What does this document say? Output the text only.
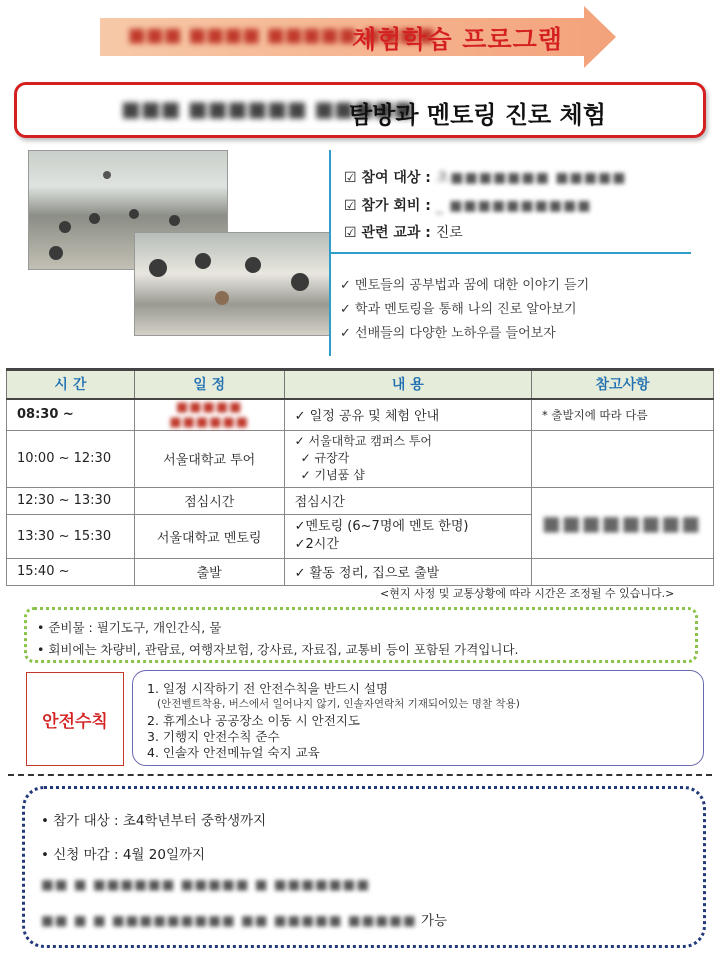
■■■ ■■■■ ■■■■■ ■■■■
체험학습 프로그램
■■■ ■■■■■■ ■■■■■
탐방과 멘토링 진로 체험
☑ 참여 대상 : 초■■■■■■■ ■■■■■
☑ 참가 회비 : _ ■■■■■■■■■■
☑ 관련 교과 : 진로
✓ 멘토들의 공부법과 꿈에 대한 이야기 듣기
✓ 학과 멘토링을 통해 나의 진로 알아보기
✓ 선배들의 다양한 노하우를 들어보자
시 간	일 정	내 용	참고사항
08:30 ~	■■■■■ ■■■■■■	✓ 일정 공유 및 체험 안내	* 출발지에 따라 다름
10:00 ~ 12:30	서울대학교 투어	✓ 서울대학교 캠퍼스 투어
✓ 규장각
✓ 기념품 샵	

12:30 ~ 13:30	점심시간	점심시간	■■■■■■■■
13:30 ~ 15:30	서울대학교 멘토링	✓멘토링 (6~7명에 멘토 한명)
✓2시간	

15:40 ~	출발	✓ 활동 정리, 집으로 출발	
<현지 사정 및 교통상황에 따라 시간은 조정될 수 있습니다.>
• 준비물 : 필기도구, 개인간식, 물
• 회비에는 차량비, 관람료, 여행자보험, 강사료, 자료집, 교통비 등이 포함된 가격입니다.
안전수칙
1. 일정 시작하기 전 안전수칙을 반드시 설명
(안전벨트착용, 버스에서 일어나지 않기, 인솔자연락처 기재되어있는 명찰 착용)
2. 휴게소나 공공장소 이동 시 안전지도
3. 기행지 안전수칙 준수
4. 인솔자 안전메뉴얼 숙지 교육
• 참가 대상 : 초4학년부터 중학생까지
• 신청 마감 : 4월 20일까지
■■ ■ ■■■■■■ ■■■■■ ■ ■■■■■■■
■■ ■ ■ ■■■■■■■■■ ■■ ■■■■■ ■■■■■ 가능
